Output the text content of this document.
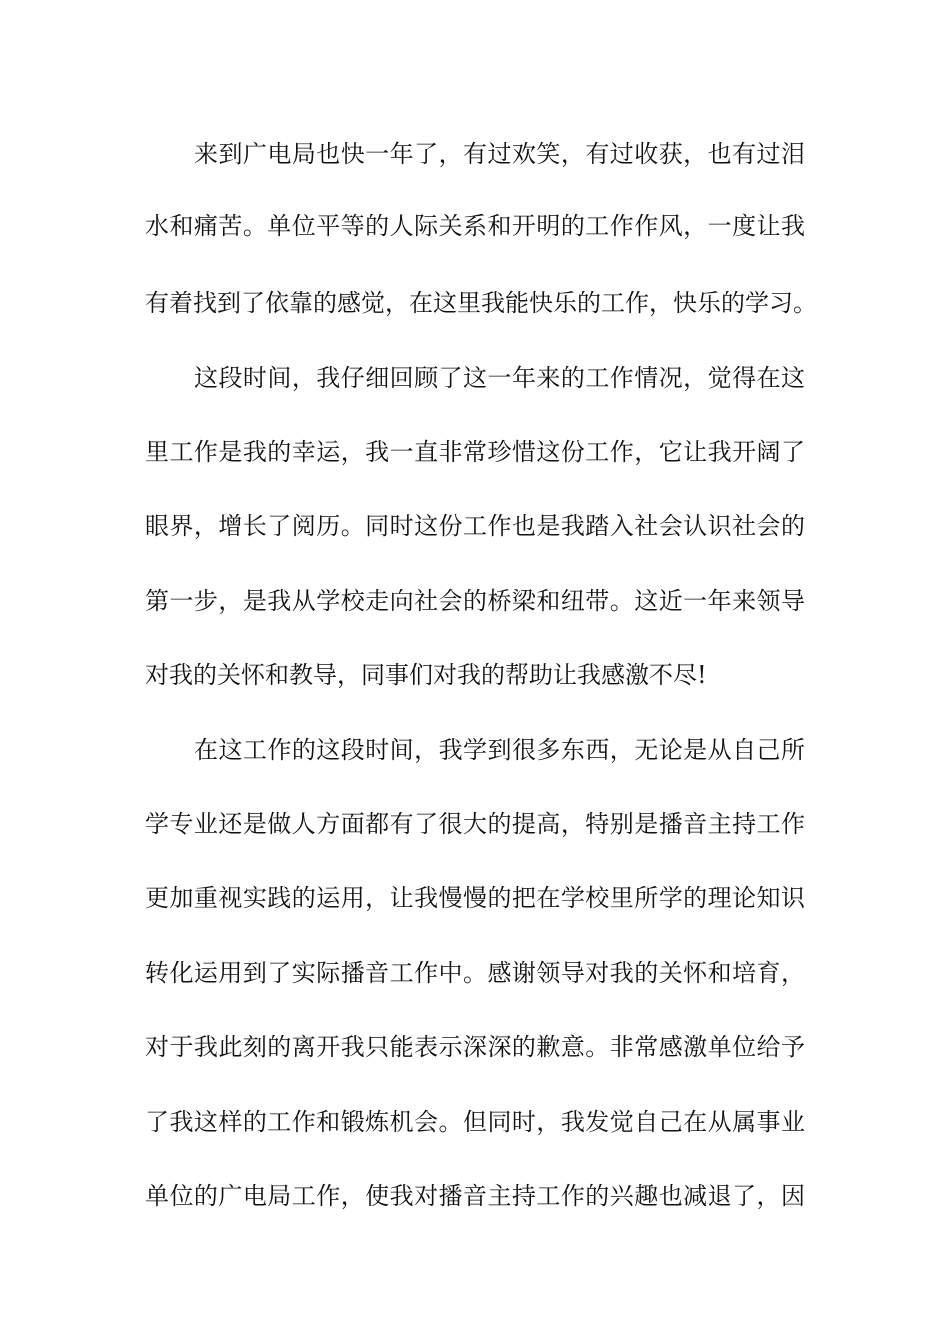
来到广电局也快一年了，有过欢笑，有过收获，也有过泪
水和痛苦。单位平等的人际关系和开明的工作作风，一度让我
有着找到了依靠的感觉，在这里我能快乐的工作，快乐的学习。
这段时间，我仔细回顾了这一年来的工作情况，觉得在这
里工作是我的幸运，我一直非常珍惜这份工作，它让我开阔了
眼界，增长了阅历。同时这份工作也是我踏入社会认识社会的
第一步，是我从学校走向社会的桥梁和纽带。这近一年来领导
对我的关怀和教导，同事们对我的帮助让我感激不尽!
在这工作的这段时间，我学到很多东西，无论是从自己所
学专业还是做人方面都有了很大的提高，特别是播音主持工作
更加重视实践的运用，让我慢慢的把在学校里所学的理论知识
转化运用到了实际播音工作中。感谢领导对我的关怀和培育，
对于我此刻的离开我只能表示深深的歉意。非常感激单位给予
了我这样的工作和锻炼机会。但同时，我发觉自己在从属事业
单位的广电局工作，使我对播音主持工作的兴趣也减退了，因
